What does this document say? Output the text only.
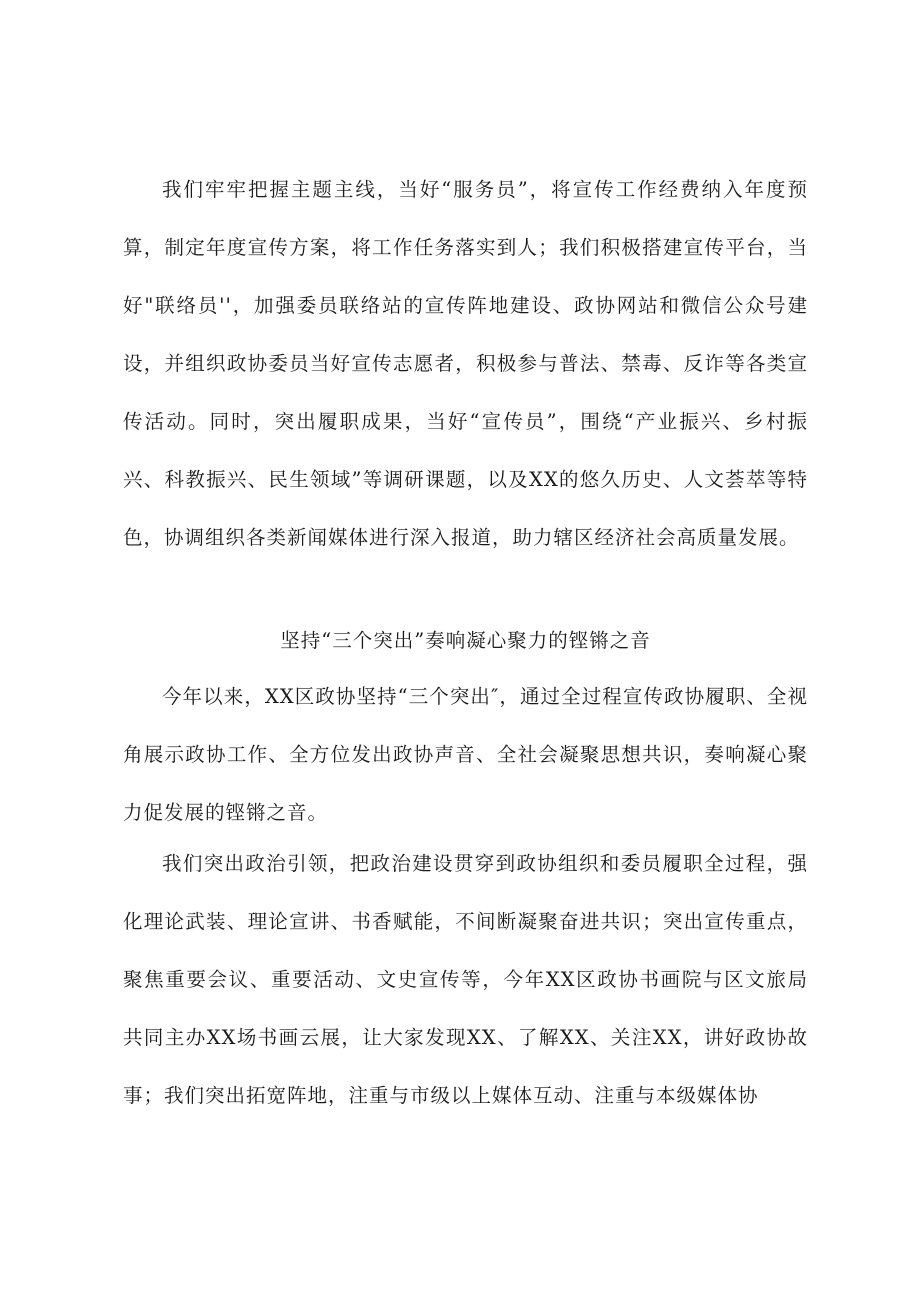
我们牢牢把握主题主线，当好“服务员”，将宣传工作经费纳入年度预算，制定年度宣传方案，将工作任务落实到人；我们积极搭建宣传平台，当好"联络员''，加强委员联络站的宣传阵地建设、政协网站和微信公众号建设，并组织政协委员当好宣传志愿者，积极参与普法、禁毒、反诈等各类宣传活动。同时，突出履职成果，当好“宣传员”，围绕“产业振兴、乡村振兴、科教振兴、民生领域”等调研课题，以及XX的悠久历史、人文荟萃等特色，协调组织各类新闻媒体进行深入报道，助力辖区经济社会高质量发展。

坚持“三个突出”奏响凝心聚力的铿锵之音

今年以来，XX区政协坚持“三个突出″，通过全过程宣传政协履职、全视角展示政协工作、全方位发出政协声音、全社会凝聚思想共识，奏响凝心聚力促发展的铿锵之音。

我们突出政治引领，把政治建设贯穿到政协组织和委员履职全过程，强化理论武装、理论宣讲、书香赋能，不间断凝聚奋进共识；突出宣传重点，聚焦重要会议、重要活动、文史宣传等，今年XX区政协书画院与区文旅局共同主办XX场书画云展，让大家发现XX、了解XX、关注XX，讲好政协故事；我们突出拓宽阵地，注重与市级以上媒体互动、注重与本级媒体协
